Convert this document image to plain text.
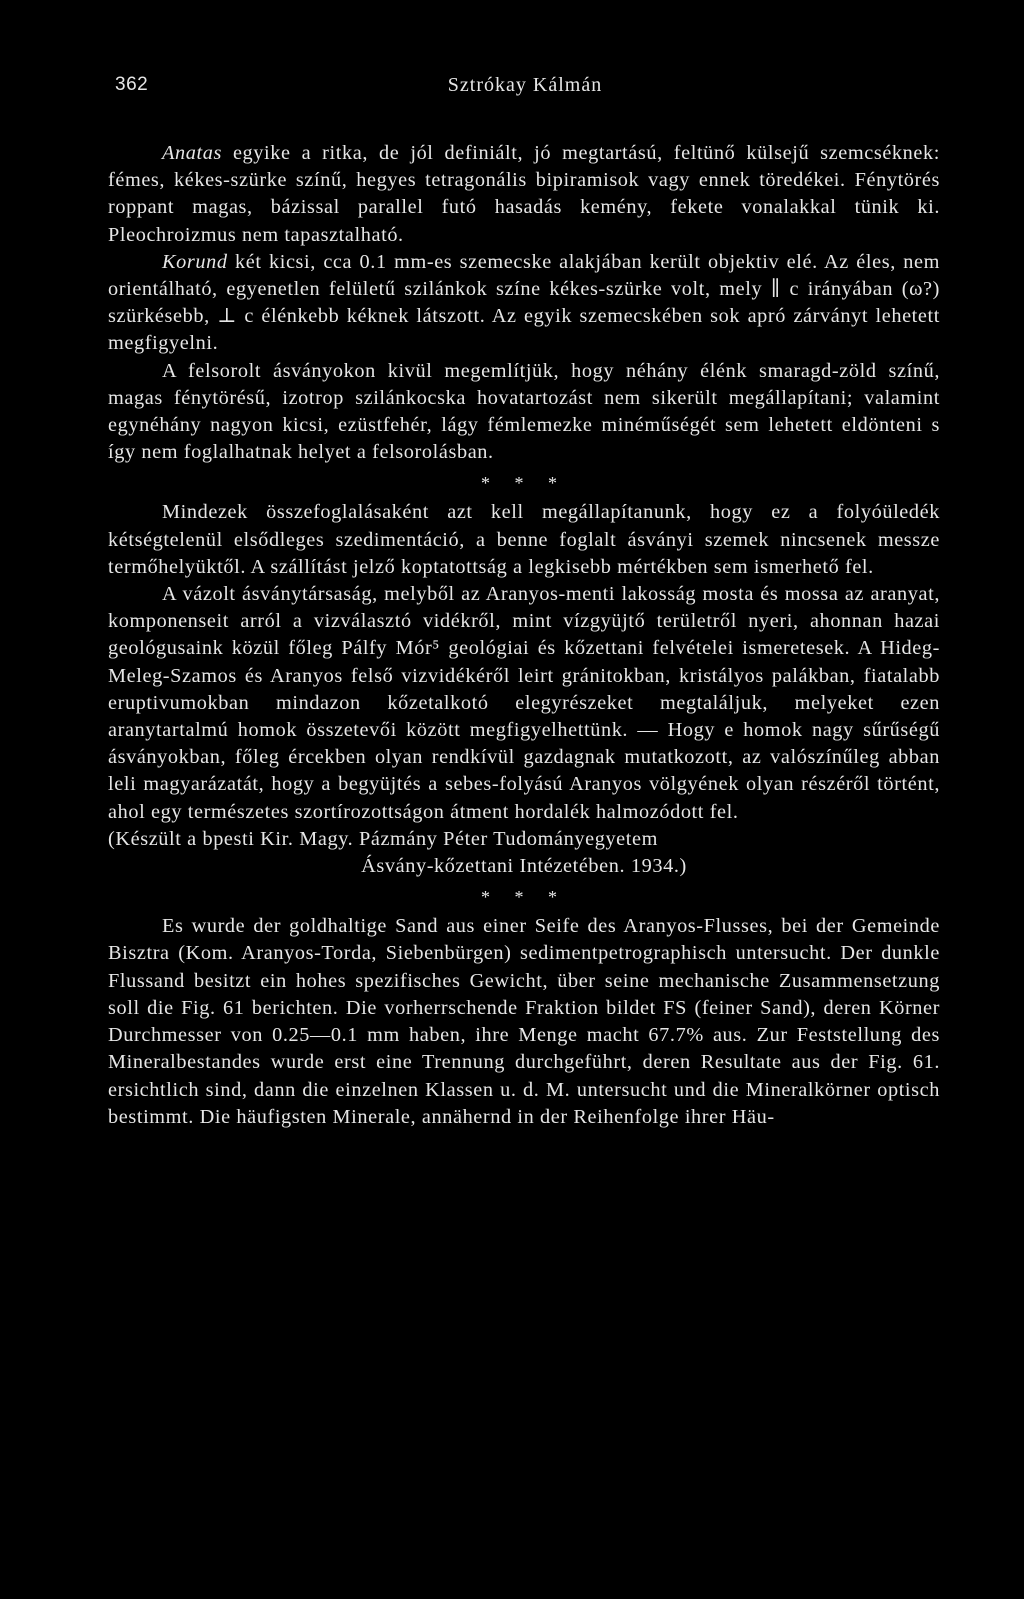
362	Sztrókay Kálmán

Anatas egyike a ritka, de jól definiált, jó megtartású, feltünő külsejű szemcséknek: fémes, kékes-szürke színű, hegyes tetragonális bipiramisok vagy ennek töredékei. Fénytörés roppant magas, bázissal parallel futó hasadás kemény, fekete vonalakkal tünik ki. Pleochroizmus nem tapasztalható.

Korund két kicsi, cca 0.1 mm-es szemecske alakjában került objektiv elé. Az éles, nem orientálható, egyenetlen felületű szilánkok színe kékes-szürke volt, mely ∥ c irányában (ω?) szürkésebb, ⊥ c élénkebb kéknek látszott. Az egyik szemecskében sok apró zárványt lehetett megfigyelni.

A felsorolt ásványokon kivül megemlítjük, hogy néhány élénk smaragd-zöld színű, magas fénytörésű, izotrop szilánkocska hovatartozást nem sikerült megállapítani; valamint egynéhány nagyon kicsi, ezüstfehér, lágy fémlemezke minéműségét sem lehetett eldönteni s így nem foglalhatnak helyet a felsorolásban.

* * *

Mindezek összefoglalásaként azt kell megállapítanunk, hogy ez a folyóüledék kétségtelenül elsődleges szedimentáció, a benne foglalt ásványi szemek nincsenek messze termőhelyüktől. A szállítást jelző koptatottság a legkisebb mértékben sem ismerhető fel.

A vázolt ásványtársaság, melyből az Aranyos-menti lakosság mosta és mossa az aranyat, komponenseit arról a vizválasztó vidékről, mint vízgyüjtő területről nyeri, ahonnan hazai geológusaink közül főleg Pálfy Mór⁵ geológiai és kőzettani felvételei ismeretesek. A Hideg-Meleg-Szamos és Aranyos felső vizvidékéről leirt gránitokban, kristályos palákban, fiatalabb eruptivumokban mindazon kőzetalkotó elegyrészeket megtaláljuk, melyeket ezen aranytartalmú homok összetevői között megfigyelhettünk. — Hogy e homok nagy sűrűségű ásványokban, főleg ércekben olyan rendkívül gazdagnak mutatkozott, az valószínűleg abban leli magyarázatát, hogy a begyüjtés a sebes-folyású Aranyos völgyének olyan részéről történt, ahol egy természetes szortírozottságon átment hordalék halmozódott fel.

(Készült a bpesti Kir. Magy. Pázmány Péter Tudományegyetem

Ásvány-kőzettani Intézetében. 1934.)

* * *

Es wurde der goldhaltige Sand aus einer Seife des Aranyos-Flusses, bei der Gemeinde Bisztra (Kom. Aranyos-Torda, Siebenbürgen) sedimentpetrographisch untersucht. Der dunkle Flussand besitzt ein hohes spezifisches Gewicht, über seine mechanische Zusammensetzung soll die Fig. 61 berichten. Die vorherrschende Fraktion bildet FS (feiner Sand), deren Körner Durchmesser von 0.25—0.1 mm haben, ihre Menge macht 67.7% aus. Zur Feststellung des Mineralbestandes wurde erst eine Trennung durchgeführt, deren Resultate aus der Fig. 61. ersichtlich sind, dann die einzelnen Klassen u. d. M. untersucht und die Mineralkörner optisch bestimmt. Die häufigsten Minerale, annähernd in der Reihenfolge ihrer Häu-
